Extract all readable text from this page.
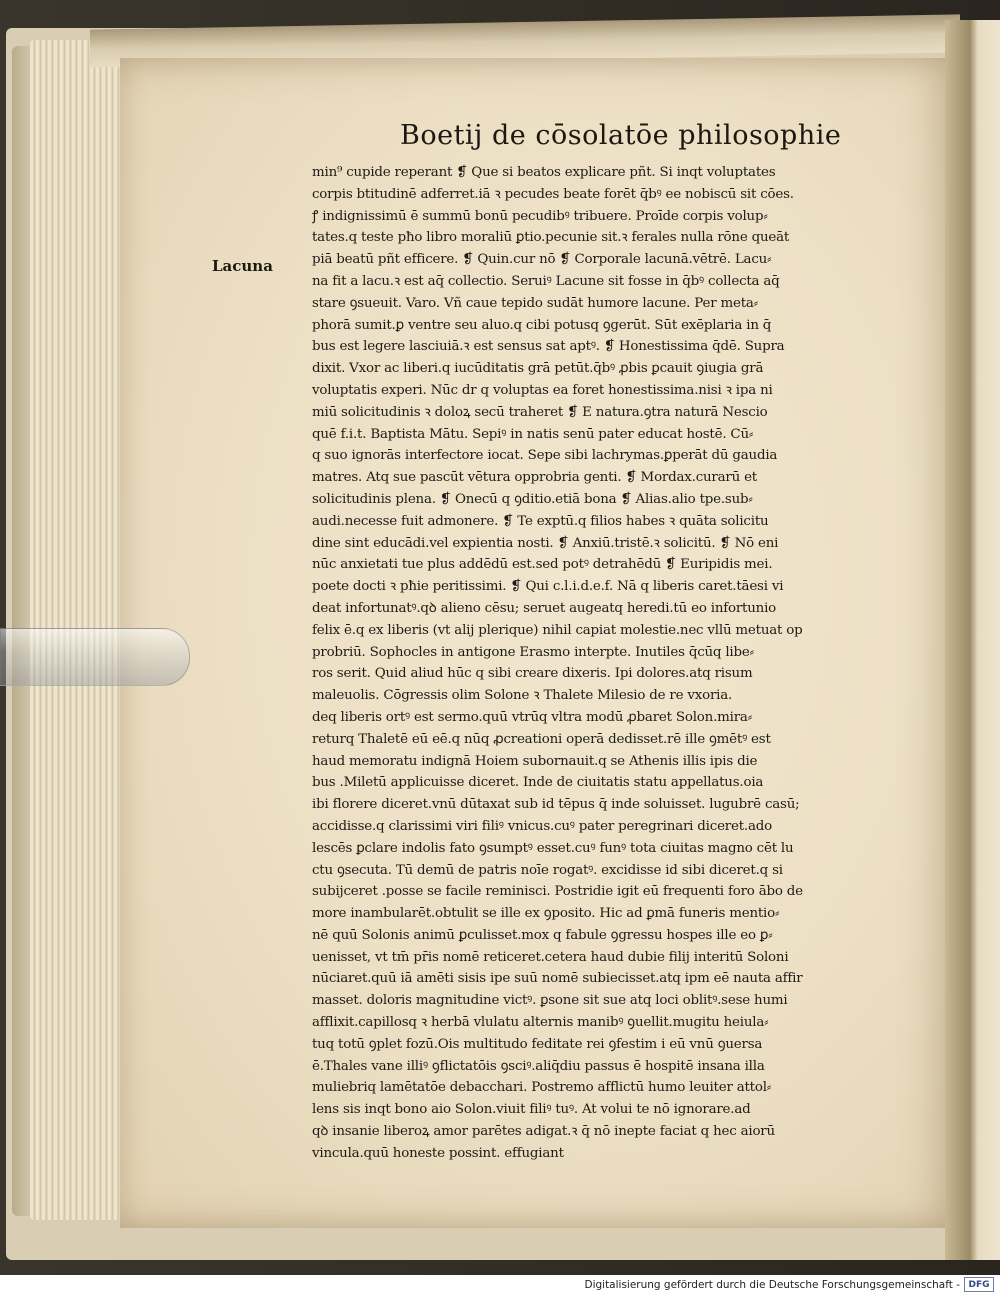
Boetij de cōsolatōe philosophie
Lacuna
min⁹ cupide reperant ❡ Que si beatos explicare pñt. Si inqt voluptates
corpis btitudinē adferret.iā ꝛ pecudes beate forēt q̄bꝰ ee nobiscū sit cōes.
ꝭ indignissimū ē summū bonū pecudibꝰ tribuere. Proīde corpis volup⸗
tates.q teste pħo libro moraliū ꝑtio.pecunie sit.ꝛ ferales nulla rōne queāt
piā beatū pñt efficere. ❡ Quin.cur nō ❡ Corporale lacunā.vētrē. Lacu⸗
na fit a lacu.ꝛ est aq̄ collectio. Seruiꝰ Lacune sit fosse in q̄bꝰ collecta aq̄
stare ꝯsueuit. Varo. Vñ caue tepido sudāt humore lacune. Per meta⸗
phorā sumit.ꝑ ventre seu aluo.q cibi potusq ꝯgerūt. Sūt exēplaria in q̄
bus est legere lasciuiā.ꝛ est sensus sat aptꝰ. ❡ Honestissima q̄dē. Supra
dixit. Vxor ac liberi.q iucūditatis grā petūt.q̄bꝰ ꝓbis ꝑcauit ꝯiugia grā
voluptatis experi. Nūc dr q voluptas ea foret honestissima.nisi ꝛ ipa ni
miū solicitudinis ꝛ doloꝝ secū traheret ❡ E natura.ꝯtra naturā Nescio
quē f.i.t. Baptista Mātu. Sepiꝰ in natis senū pater educat hostē. Cū⸗
q suo ignorās interfectore iocat. Sepe sibi lachrymas.ꝑperāt dū gaudia
matres. Atq sue pascūt vētura opprobria genti. ❡ Mordax.curarū et
solicitudinis plena. ❡ Onecū q ꝯditio.etiā bona ❡ Alias.alio tpe.sub⸗
audi.necesse fuit admonere. ❡ Te exptū.q filios habes ꝛ quāta solicitu
dine sint educādi.vel expientia nosti. ❡ Anxiū.tristē.ꝛ solicitū. ❡ Nō eni
nūc anxietati tue plus addēdū est.sed potꝰ detrahēdū ❡ Euripidis mei.
poete docti ꝛ pħie peritissimi. ❡ Qui c.l.i.d.e.f. Nā q liberis caret.tāesi vi
deat infortunatꝰ.qꝺ alieno cēsu; seruet augeatq heredi.tū eo infortunio
felix ē.q ex liberis (vt alij plerique) nihil capiat molestie.nec vllū metuat op
probriū. Sophocles in antigone Erasmo interpte. Inutiles q̄cūq libe⸗
ros serit. Quid aliud hūc q sibi creare dixeris. Ipi dolores.atq risum
maleuolis. Cōgressis olim Solone ꝛ Thalete Milesio de re vxoria.
deq liberis ortꝰ est sermo.quū vtrūq vltra modū ꝓbaret Solon.mira⸗
returq Thaletē eū eē.q nūq ꝓcreationi operā dedisset.rē ille ꝯmētꝰ est
haud memoratu indignā Hoiem subornauit.q se Athenis illis ipis die
bus .Miletū applicuisse diceret. Inde de ciuitatis statu appellatus.oia
ibi florere diceret.vnū dūtaxat sub id tēpus q̄ inde soluisset. lugubrē casū;
accidisse.q clarissimi viri filiꝰ vnicus.cuꝰ pater peregrinari diceret.ado
lescēs ꝑclare indolis fato ꝯsumptꝰ esset.cuꝰ funꝰ tota ciuitas magno cēt lu
ctu ꝯsecuta. Tū demū de patris noīe rogatꝰ. excidisse id sibi diceret.q si
subijceret .posse se facile reminisci. Postridie igit eū frequenti foro ābo de
more inambularēt.obtulit se ille ex ꝯposito. Hic ad ꝑmā funeris mentio⸗
nē quū Solonis animū ꝑculisset.mox q fabule ꝯgressu hospes ille eo ꝑ⸗
uenisset, vt tm̄ pr̄is nomē reticeret.cetera haud dubie filij interitū Soloni
nūciaret.quū iā amēti sisis ipe suū nomē subiecisset.atq ipm eē nauta affir
masset. doloris magnitudine victꝰ. ꝑsone sit sue atq loci oblitꝰ.sese humi
afflixit.capillosq ꝛ herbā vlulatu alternis manibꝰ ꝯuellit.mugitu heiula⸗
tuq totū ꝯplet fozū.Ois multitudo feditate rei ꝯfestim i eū vnū ꝯuersa
ē.Thales vane illiꝰ ꝯflictatōis ꝯsciꝰ.aliq̄diu passus ē hospitē insana illa
muliebriq lamētatōe debacchari. Postremo afflictū humo leuiter attol⸗
lens sis inqt bono aio Solon.viuit filiꝰ tuꝰ. At volui te nō ignorare.ad
qꝺ insanie liberoꝝ amor parētes adigat.ꝛ q̄ nō inepte faciat q hec aiorū
vincula.quū honeste possint. effugiant
Digitalisierung gefördert durch die Deutsche Forschungsgemeinschaft - DFG
